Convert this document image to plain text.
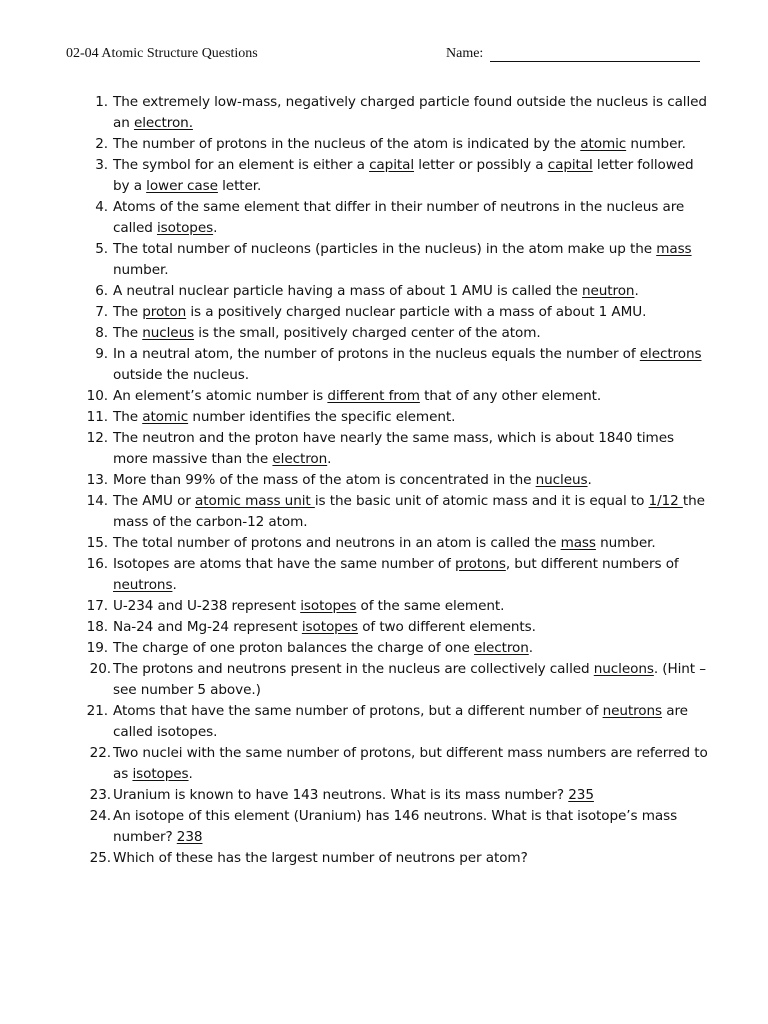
02-04 Atomic Structure Questions	Name:
1. The extremely low-mass, negatively charged particle found outside the nucleus is called an electron.
2. The number of protons in the nucleus of the atom is indicated by the atomic number.
3. The symbol for an element is either a capital letter or possibly a capital letter followed by a lower case letter.
4. Atoms of the same element that differ in their number of neutrons in the nucleus are called isotopes.
5. The total number of nucleons (particles in the nucleus) in the atom make up the mass number.
6. A neutral nuclear particle having a mass of about 1 AMU is called the neutron.
7. The proton is a positively charged nuclear particle with a mass of about 1 AMU.
8. The nucleus is the small, positively charged center of the atom.
9. In a neutral atom, the number of protons in the nucleus equals the number of electrons outside the nucleus.
10. An element’s atomic number is different from that of any other element.
11. The atomic number identifies the specific element.
12. The neutron and the proton have nearly the same mass, which is about 1840 times more massive than the electron.
13. More than 99% of the mass of the atom is concentrated in the nucleus.
14. The AMU or atomic mass unit is the basic unit of atomic mass and it is equal to 1/12 the mass of the carbon-12 atom.
15. The total number of protons and neutrons in an atom is called the mass number.
16. Isotopes are atoms that have the same number of protons, but different numbers of neutrons.
17. U-234 and U-238 represent isotopes of the same element.
18. Na-24 and Mg-24 represent isotopes of two different elements.
19. The charge of one proton balances the charge of one electron.
20. The protons and neutrons present in the nucleus are collectively called nucleons. (Hint – see number 5 above.)
21. Atoms that have the same number of protons, but a different number of neutrons are called isotopes.
22. Two nuclei with the same number of protons, but different mass numbers are referred to as isotopes.
23. Uranium is known to have 143 neutrons. What is its mass number? 235
24. An isotope of this element (Uranium) has 146 neutrons. What is that isotope’s mass number? 238
25. Which of these has the largest number of neutrons per atom?
